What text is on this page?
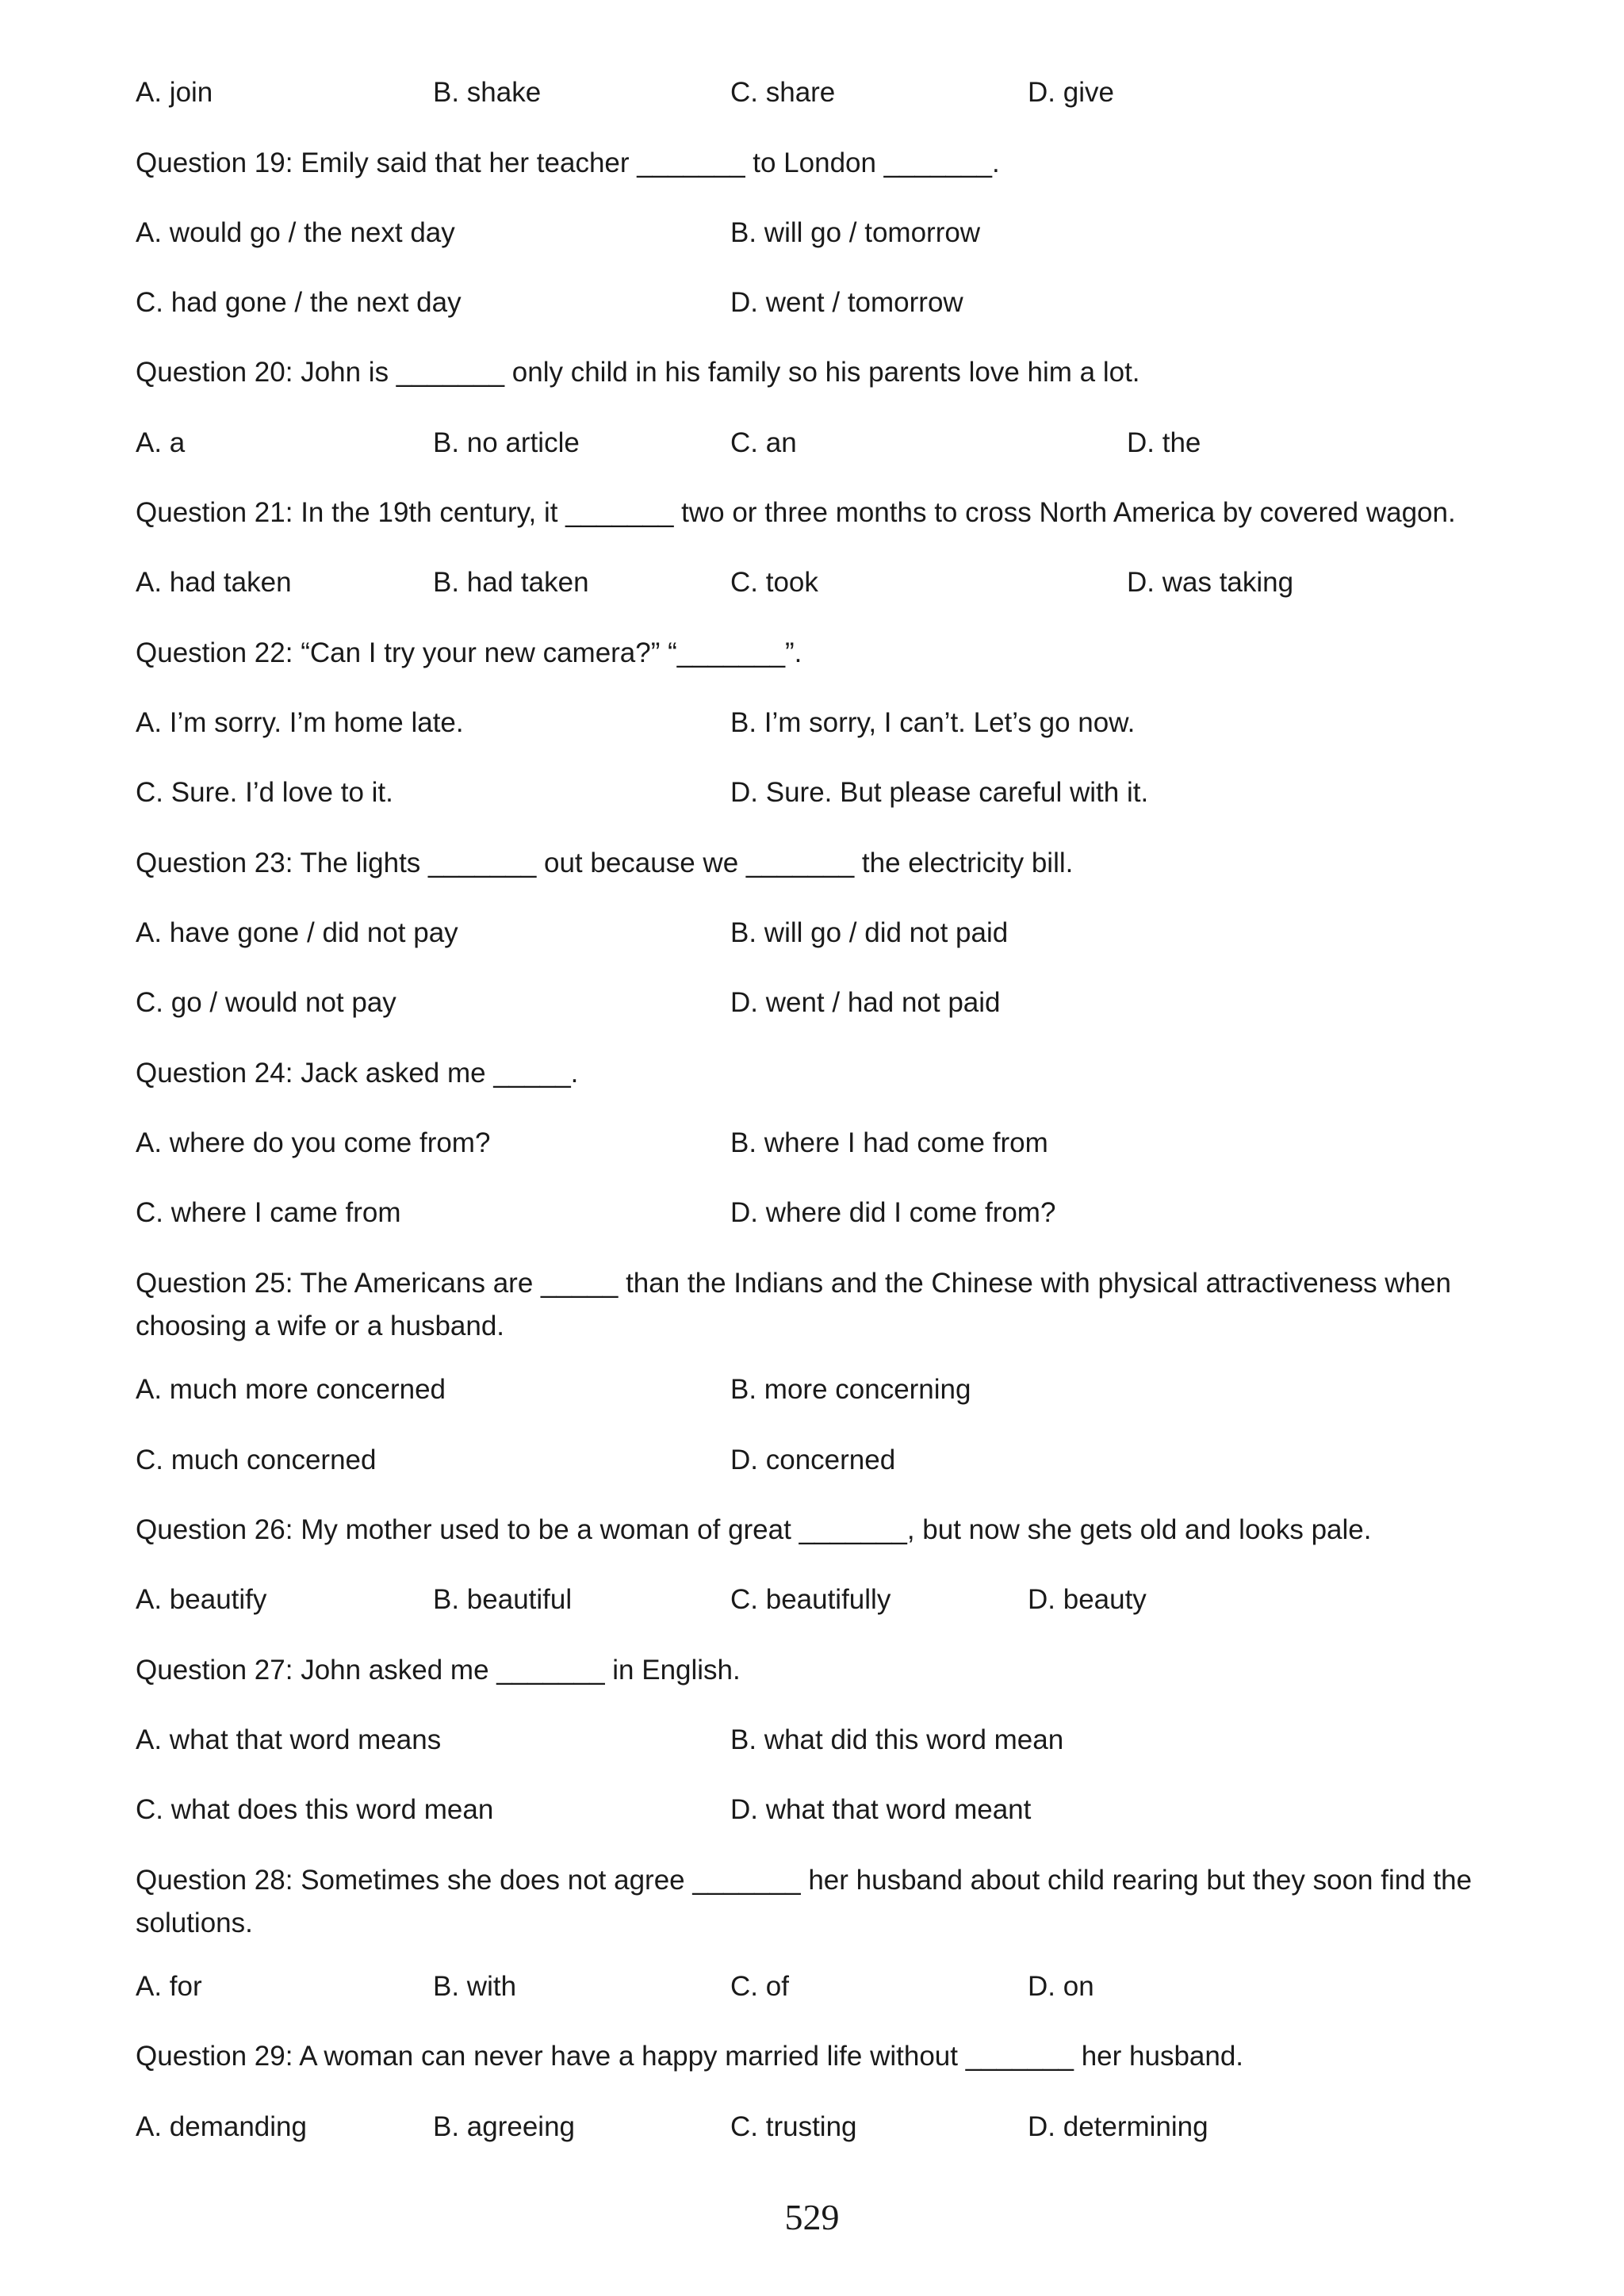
A. join	B. shake	C. share	D. give
Question 19: Emily said that her teacher _______ to London _______.
A. would go / the next day	B. will go / tomorrow
C. had gone / the next day	D. went / tomorrow
Question 20: John is _______ only child in his family so his parents love him a lot.
A. a	B. no article	C. an	D. the
Question 21: In the 19th century, it _______ two or three months to cross North America by covered wagon.
A. had taken	B. had taken	C. took	D. was taking
Question 22: “Can I try your new camera?” “_______”.
A. I’m sorry. I’m home late.	B. I’m sorry, I can’t. Let’s go now.
C. Sure. I’d love to it.	D. Sure. But please careful with it.
Question 23: The lights _______ out because we _______ the electricity bill.
A. have gone / did not pay	B. will go / did not paid
C. go / would not pay	D. went / had not paid
Question 24: Jack asked me _____.
A. where do you come from?	B. where I had come from
C. where I came from	D. where did I come from?
Question 25: The Americans are _____ than the Indians and the Chinese with physical attractiveness when
choosing a wife or a husband.
A. much more concerned	B. more concerning
C. much concerned	D. concerned
Question 26: My mother used to be a woman of great _______, but now she gets old and looks pale.
A. beautify	B. beautiful	C. beautifully	D. beauty
Question 27: John asked me _______ in English.
A. what that word means	B. what did this word mean
C. what does this word mean	D. what that word meant
Question 28: Sometimes she does not agree _______ her husband about child rearing but they soon find the
solutions.
A. for	B. with	C. of	D. on
Question 29: A woman can never have a happy married life without _______ her husband.
A. demanding	B. agreeing	C. trusting	D. determining
529
